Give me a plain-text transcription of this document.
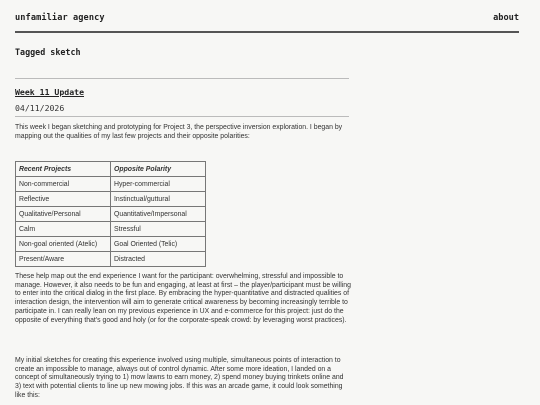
unfamiliar agency	about
Tagged sketch
Week 11 Update
04/11/2026

This week I began sketching and prototyping for Project 3, the perspective inversion exploration. I began by mapping out the qualities of my last few projects and their opposite polarities:

Recent Projects	Opposite Polarity
Non-commercial	Hyper-commercial
Reflective	Instinctual/guttural
Qualitative/Personal	Quantitative/Impersonal
Calm	Stressful
Non-goal oriented (Atelic)	Goal Oriented (Telic)
Present/Aware	Distracted

These help map out the end experience I want for the participant: overwhelming, stressful and impossible to manage. However, it also needs to be fun and engaging, at least at first – the player/participant must be willing to enter into the critical dialog in the first place. By embracing the hyper-quantitative and distracted qualities of interaction design, the intervention will aim to generate critical awareness by becoming increasingly terrible to participate in. I can really lean on my previous experience in UX and e-commerce for this project: just do the opposite of everything that's good and holy (or for the corporate-speak crowd: by leveraging worst practices).

My initial sketches for creating this experience involved using multiple, simultaneous points of interaction to create an impossible to manage, always out of control dynamic. After some more ideation, I landed on a concept of simultaneously trying to 1) mow lawns to earn money, 2) spend money buying trinkets online and 3) text with potential clients to line up new mowing jobs. If this was an arcade game, it could look something like this:
